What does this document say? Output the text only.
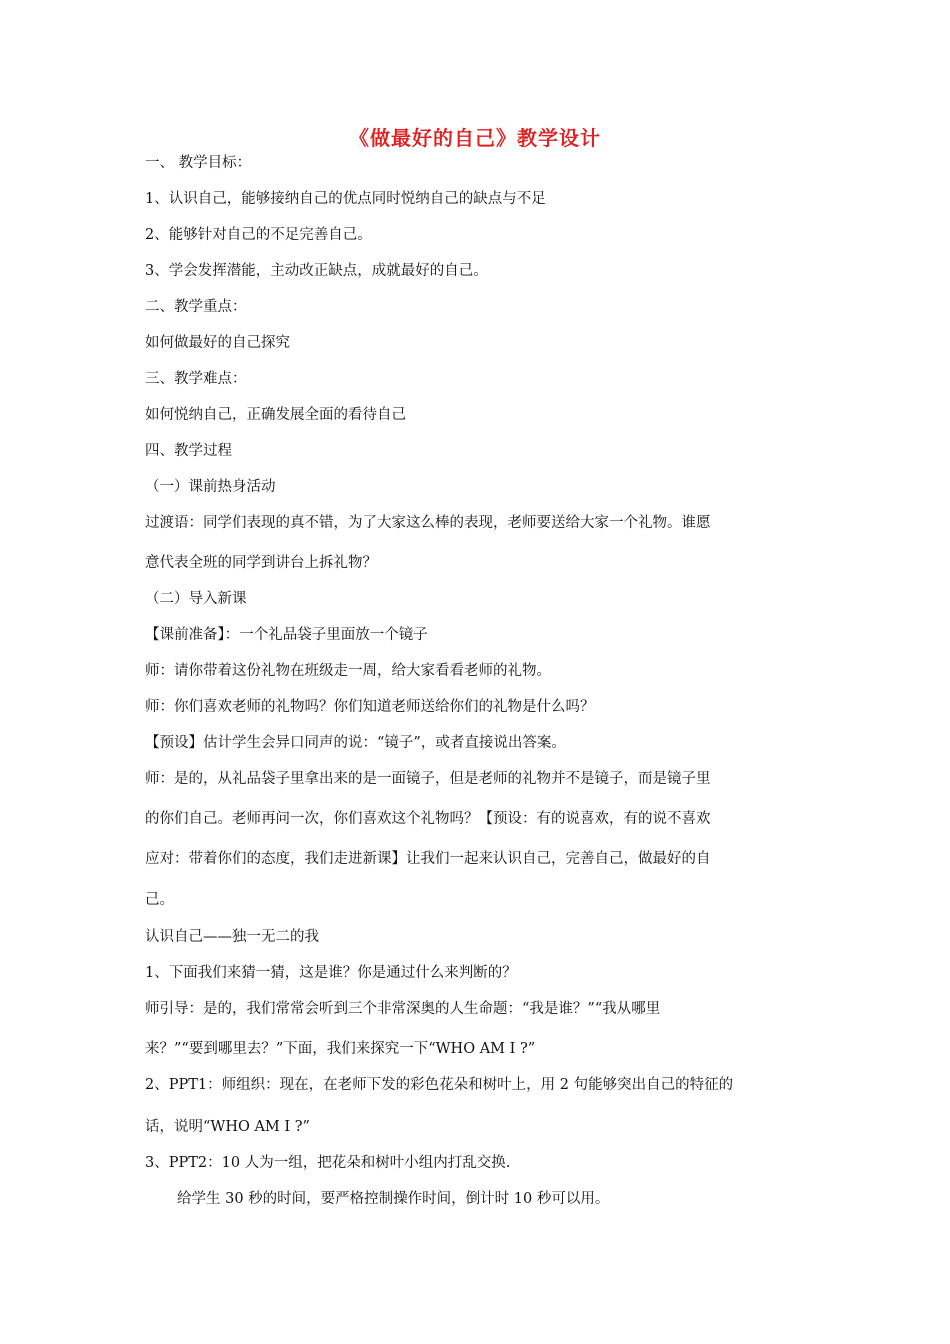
《做最好的自己》教学设计
一、 教学目标：
1、认识自己，能够接纳自己的优点同时悦纳自己的缺点与不足
2、能够针对自己的不足完善自己。
3、学会发挥潜能，主动改正缺点，成就最好的自己。
二、教学重点：
如何做最好的自己探究
三、教学难点：
如何悦纳自己，正确发展全面的看待自己
四、教学过程
（一）课前热身活动
过渡语：同学们表现的真不错，为了大家这么棒的表现，老师要送给大家一个礼物。谁愿
意代表全班的同学到讲台上拆礼物？
（二）导入新课
【课前准备】：一个礼品袋子里面放一个镜子
师：请你带着这份礼物在班级走一周，给大家看看老师的礼物。
师：你们喜欢老师的礼物吗？你们知道老师送给你们的礼物是什么吗？
【预设】估计学生会异口同声的说：“镜子”，或者直接说出答案。
师：是的，从礼品袋子里拿出来的是一面镜子，但是老师的礼物并不是镜子，而是镜子里
的你们自己。老师再问一次，你们喜欢这个礼物吗？【预设：有的说喜欢，有的说不喜欢
应对：带着你们的态度，我们走进新课】让我们一起来认识自己，完善自己，做最好的自
己。
认识自己——独一无二的我
1、下面我们来猜一猜，这是谁？你是通过什么来判断的？
师引导：是的，我们常常会听到三个非常深奥的人生命题：“我是谁？”“我从哪里
来？”“要到哪里去？”下面，我们来探究一下“WHO AM I ?”
2、PPT1：师组织：现在，在老师下发的彩色花朵和树叶上，用 2 句能够突出自己的特征的
话，说明“WHO AM I ?”
3、PPT2：10 人为一组，把花朵和树叶小组内打乱交换.
给学生 30 秒的时间，要严格控制操作时间，倒计时 10 秒可以用。
